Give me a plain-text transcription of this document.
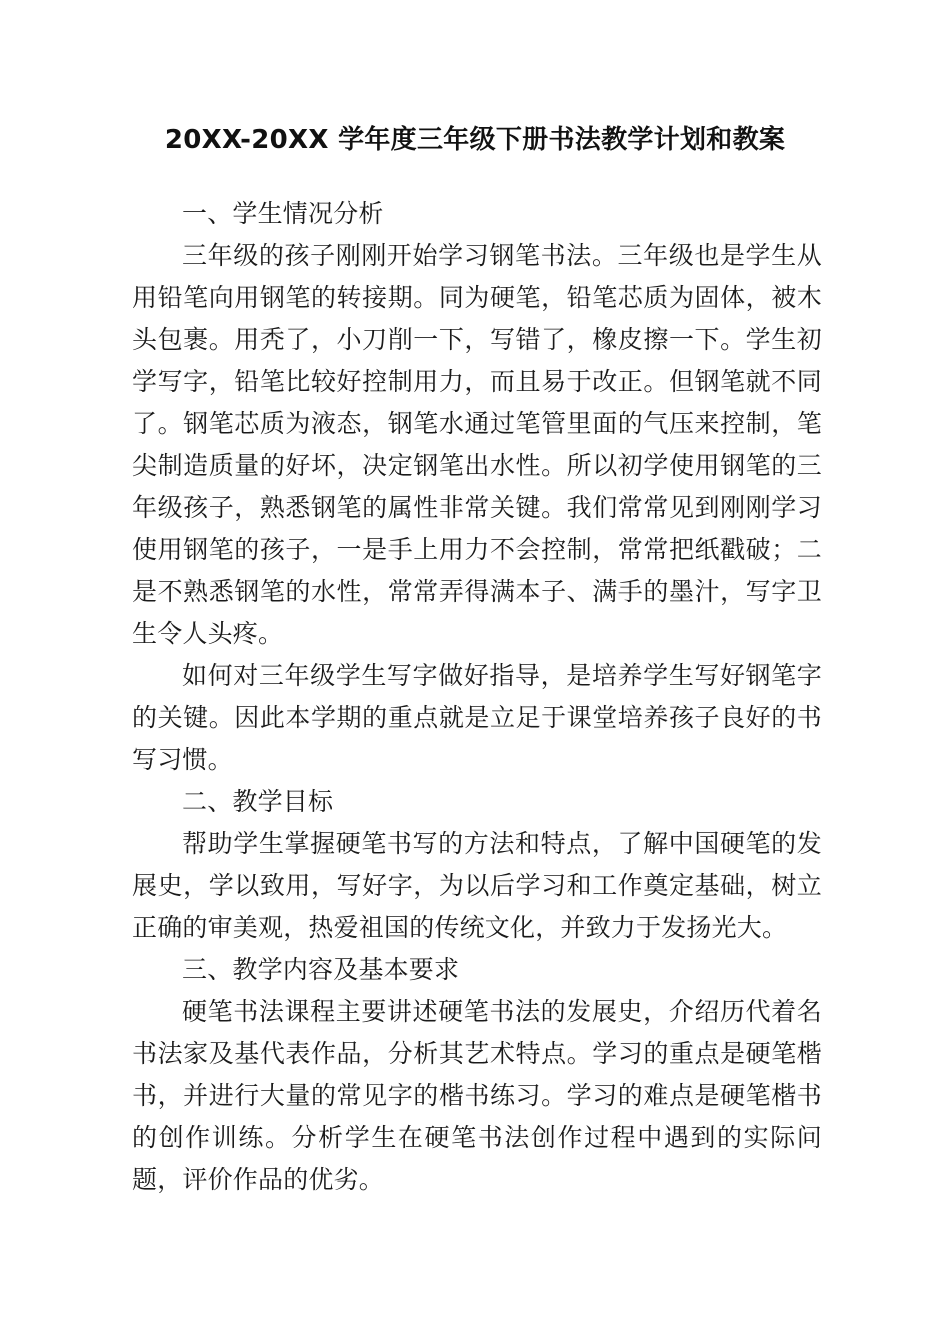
20XX-20XX 学年度三年级下册书法教学计划和教案

一、学生情况分析

三年级的孩子刚刚开始学习钢笔书法。三年级也是学生从用铅笔向用钢笔的转接期。同为硬笔，铅笔芯质为固体，被木头包裹。用秃了，小刀削一下，写错了，橡皮擦一下。学生初学写字，铅笔比较好控制用力，而且易于改正。但钢笔就不同了。钢笔芯质为液态，钢笔水通过笔管里面的气压来控制，笔尖制造质量的好坏，决定钢笔出水性。所以初学使用钢笔的三年级孩子，熟悉钢笔的属性非常关键。我们常常见到刚刚学习使用钢笔的孩子，一是手上用力不会控制，常常把纸戳破；二是不熟悉钢笔的水性，常常弄得满本子、满手的墨汁，写字卫生令人头疼。

如何对三年级学生写字做好指导，是培养学生写好钢笔字的关键。因此本学期的重点就是立足于课堂培养孩子良好的书写习惯。

二、教学目标

帮助学生掌握硬笔书写的方法和特点，了解中国硬笔的发展史，学以致用，写好字，为以后学习和工作奠定基础，树立正确的审美观，热爱祖国的传统文化，并致力于发扬光大。

三、教学内容及基本要求

硬笔书法课程主要讲述硬笔书法的发展史，介绍历代着名书法家及基代表作品，分析其艺术特点。学习的重点是硬笔楷书，并进行大量的常见字的楷书练习。学习的难点是硬笔楷书的创作训练。分析学生在硬笔书法创作过程中遇到的实际问题，评价作品的优劣。
